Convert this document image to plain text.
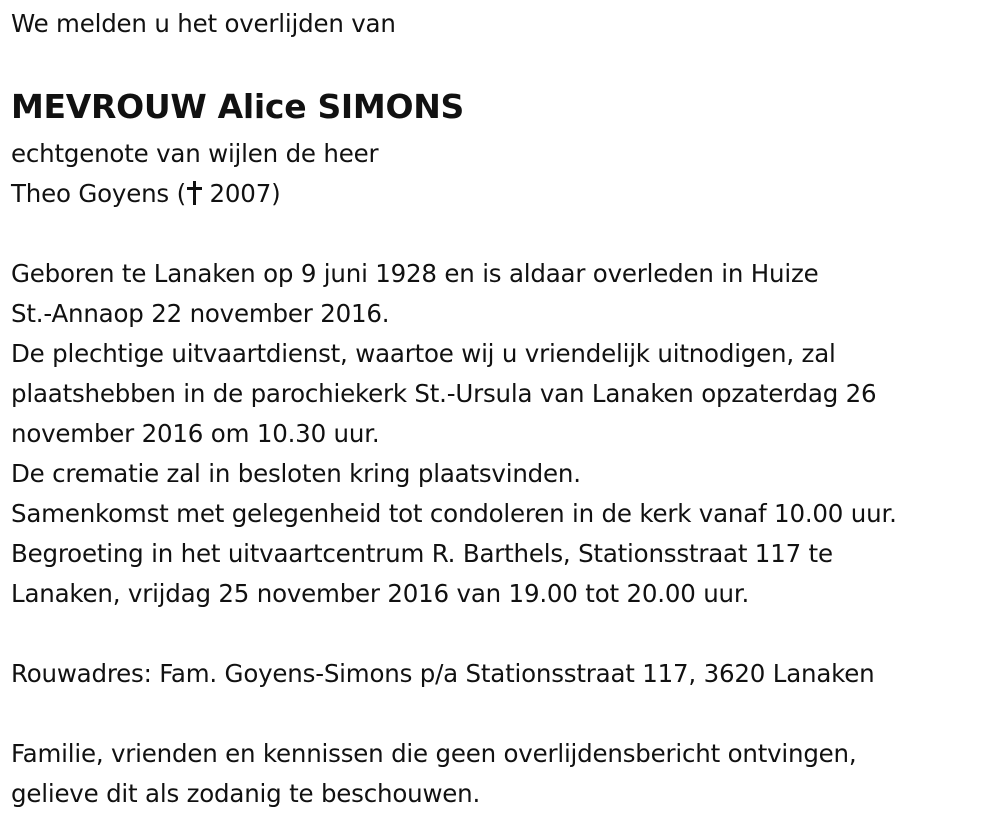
We melden u het overlijden van

MEVROUW Alice SIMONS

echtgenote van wijlen de heer

Theo Goyens ( 2007)

Geboren te Lanaken op 9 juni 1928 en is aldaar overleden in Huize

St.-Annaop 22 november 2016.

De plechtige uitvaartdienst, waartoe wij u vriendelijk uitnodigen, zal

plaatshebben in de parochiekerk St.-Ursula van Lanaken opzaterdag 26

november 2016 om 10.30 uur.

De crematie zal in besloten kring plaatsvinden.

Samenkomst met gelegenheid tot condoleren in de kerk vanaf 10.00 uur.

Begroeting in het uitvaartcentrum R. Barthels, Stationsstraat 117 te

Lanaken, vrijdag 25 november 2016 van 19.00 tot 20.00 uur.

Rouwadres: Fam. Goyens-Simons p/a Stationsstraat 117, 3620 Lanaken

Familie, vrienden en kennissen die geen overlijdensbericht ontvingen,

gelieve dit als zodanig te beschouwen.
